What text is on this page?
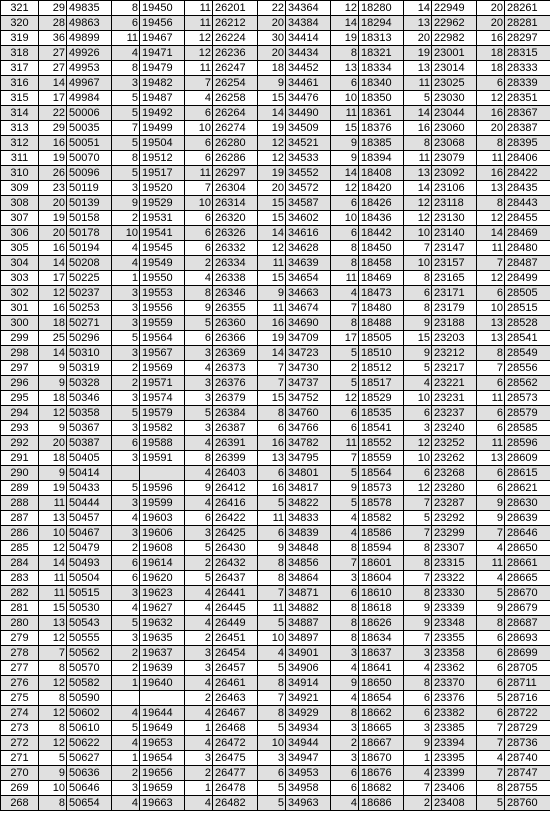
321	29	49835	8	19450	11	26201	22	34364	12	18280	14	22949	20	28261
320	28	49863	6	19456	11	26212	20	34384	14	18294	13	22962	20	28281
319	36	49899	11	19467	12	26224	30	34414	19	18313	20	22982	16	28297
318	27	49926	4	19471	12	26236	20	34434	8	18321	19	23001	18	28315
317	27	49953	8	19479	11	26247	18	34452	13	18334	13	23014	18	28333
316	14	49967	3	19482	7	26254	9	34461	6	18340	11	23025	6	28339
315	17	49984	5	19487	4	26258	15	34476	10	18350	5	23030	12	28351
314	22	50006	5	19492	6	26264	14	34490	11	18361	14	23044	16	28367
313	29	50035	7	19499	10	26274	19	34509	15	18376	16	23060	20	28387
312	16	50051	5	19504	6	26280	12	34521	9	18385	8	23068	8	28395
311	19	50070	8	19512	6	26286	12	34533	9	18394	11	23079	11	28406
310	26	50096	5	19517	11	26297	19	34552	14	18408	13	23092	16	28422
309	23	50119	3	19520	7	26304	20	34572	12	18420	14	23106	13	28435
308	20	50139	9	19529	10	26314	15	34587	6	18426	12	23118	8	28443
307	19	50158	2	19531	6	26320	15	34602	10	18436	12	23130	12	28455
306	20	50178	10	19541	6	26326	14	34616	6	18442	10	23140	14	28469
305	16	50194	4	19545	6	26332	12	34628	8	18450	7	23147	11	28480
304	14	50208	4	19549	2	26334	11	34639	8	18458	10	23157	7	28487
303	17	50225	1	19550	4	26338	15	34654	11	18469	8	23165	12	28499
302	12	50237	3	19553	8	26346	9	34663	4	18473	6	23171	6	28505
301	16	50253	3	19556	9	26355	11	34674	7	18480	8	23179	10	28515
300	18	50271	3	19559	5	26360	16	34690	8	18488	9	23188	13	28528
299	25	50296	5	19564	6	26366	19	34709	17	18505	15	23203	13	28541
298	14	50310	3	19567	3	26369	14	34723	5	18510	9	23212	8	28549
297	9	50319	2	19569	4	26373	7	34730	2	18512	5	23217	7	28556
296	9	50328	2	19571	3	26376	7	34737	5	18517	4	23221	6	28562
295	18	50346	3	19574	3	26379	15	34752	12	18529	10	23231	11	28573
294	12	50358	5	19579	5	26384	8	34760	6	18535	6	23237	6	28579
293	9	50367	3	19582	3	26387	6	34766	6	18541	3	23240	6	28585
292	20	50387	6	19588	4	26391	16	34782	11	18552	12	23252	11	28596
291	18	50405	3	19591	8	26399	13	34795	7	18559	10	23262	13	28609
290	9	50414			4	26403	6	34801	5	18564	6	23268	6	28615
289	19	50433	5	19596	9	26412	16	34817	9	18573	12	23280	6	28621
288	11	50444	3	19599	4	26416	5	34822	5	18578	7	23287	9	28630
287	13	50457	4	19603	6	26422	11	34833	4	18582	5	23292	9	28639
286	10	50467	3	19606	3	26425	6	34839	4	18586	7	23299	7	28646
285	12	50479	2	19608	5	26430	9	34848	8	18594	8	23307	4	28650
284	14	50493	6	19614	2	26432	8	34856	7	18601	8	23315	11	28661
283	11	50504	6	19620	5	26437	8	34864	3	18604	7	23322	4	28665
282	11	50515	3	19623	4	26441	7	34871	6	18610	8	23330	5	28670
281	15	50530	4	19627	4	26445	11	34882	8	18618	9	23339	9	28679
280	13	50543	5	19632	4	26449	5	34887	8	18626	9	23348	8	28687
279	12	50555	3	19635	2	26451	10	34897	8	18634	7	23355	6	28693
278	7	50562	2	19637	3	26454	4	34901	3	18637	3	23358	6	28699
277	8	50570	2	19639	3	26457	5	34906	4	18641	4	23362	6	28705
276	12	50582	1	19640	4	26461	8	34914	9	18650	8	23370	6	28711
275	8	50590			2	26463	7	34921	4	18654	6	23376	5	28716
274	12	50602	4	19644	4	26467	8	34929	8	18662	6	23382	6	28722
273	8	50610	5	19649	1	26468	5	34934	3	18665	3	23385	7	28729
272	12	50622	4	19653	4	26472	10	34944	2	18667	9	23394	7	28736
271	5	50627	1	19654	3	26475	3	34947	3	18670	1	23395	4	28740
270	9	50636	2	19656	2	26477	6	34953	6	18676	4	23399	7	28747
269	10	50646	3	19659	1	26478	5	34958	6	18682	7	23406	8	28755
268	8	50654	4	19663	4	26482	5	34963	4	18686	2	23408	5	28760
